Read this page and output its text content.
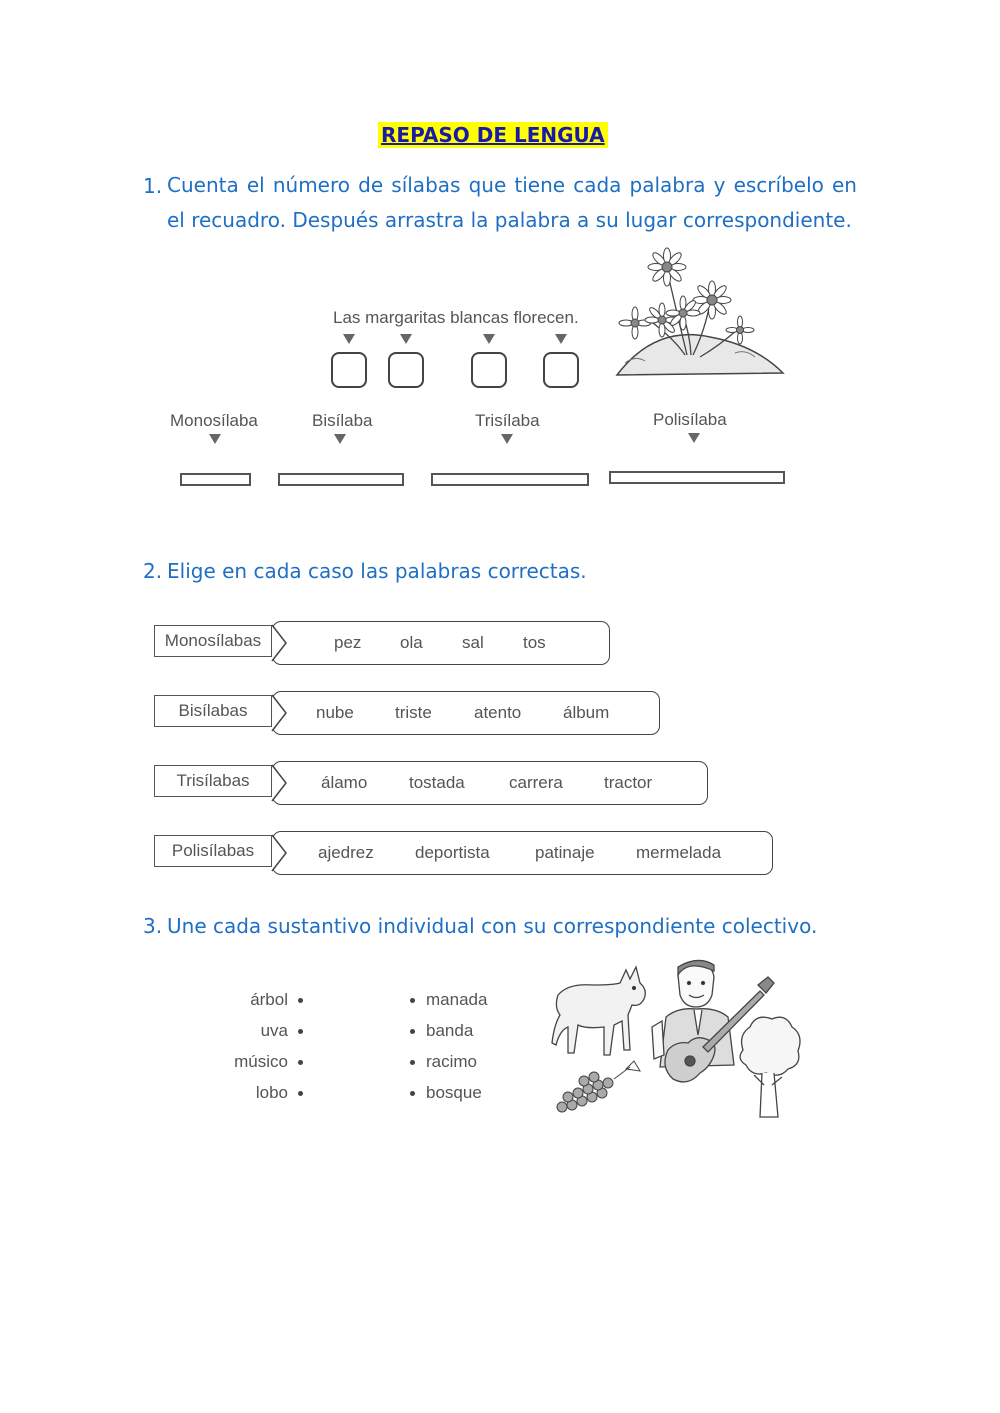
REPASO DE LENGUA
1. Cuenta el número de sílabas que tiene cada palabra y escríbelo en el recuadro. Después arrastra la palabra a su lugar correspondiente.
Las margaritas blancas florecen.
Monosílaba	Bisílaba	Trisílaba	Polisílaba
2. Elige en cada caso las palabras correctas.
Monosílabas	pez ola sal tos
Bisílabas	nube triste atento álbum
Trisílabas	álamo tostada	carrera tractor
Polisílabas	ajedrez deportista	patinaje mermelada
3. Une cada sustantivo individual con su correspondiente colectivo.
árbol
uva
músico
lobo
manada
banda
racimo
bosque
